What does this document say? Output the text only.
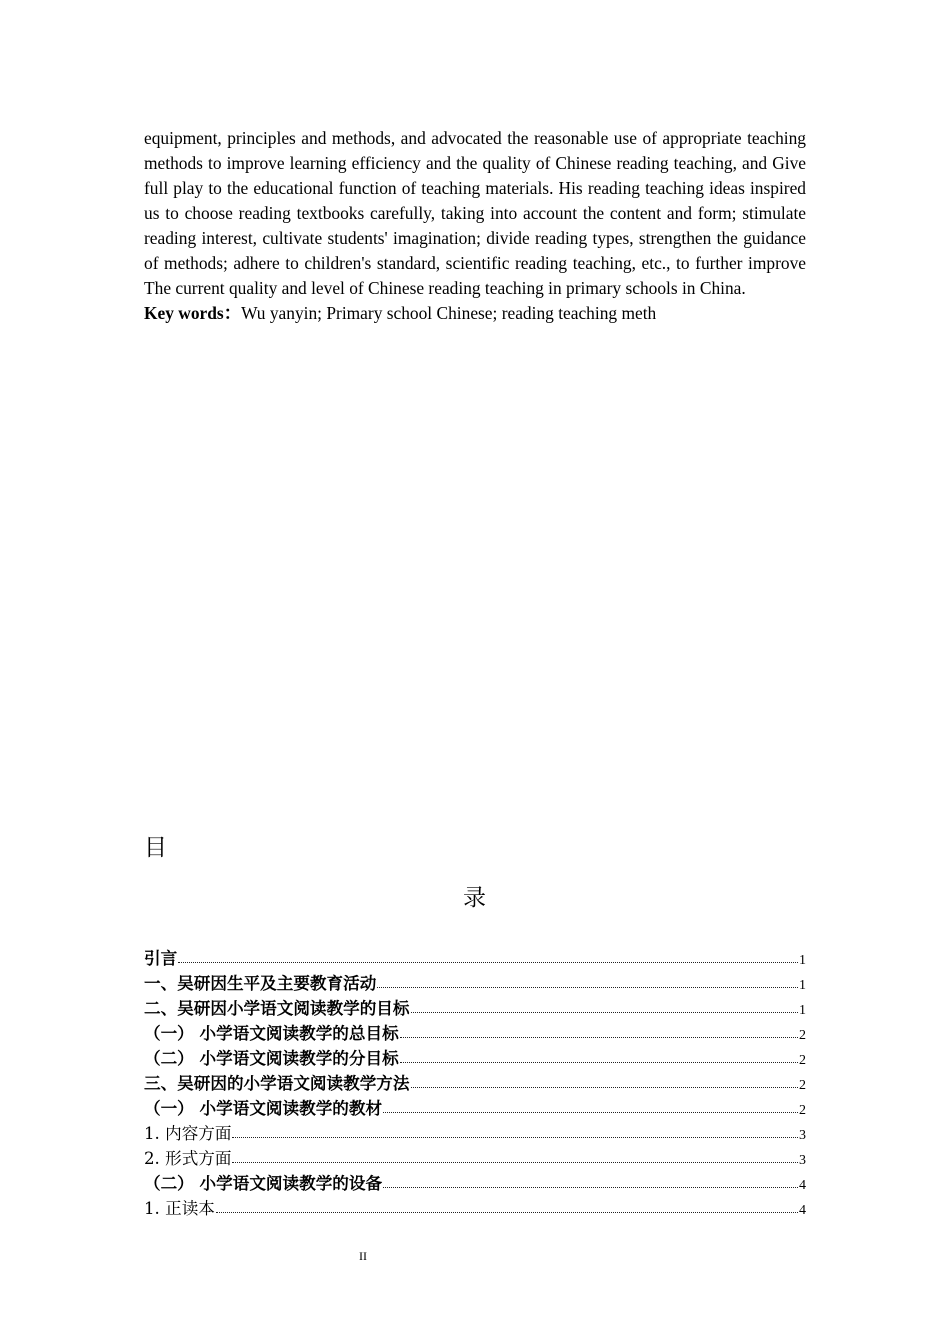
equipment, principles and methods, and advocated the reasonable use of appropriate teaching methods to improve learning efficiency and the quality of Chinese reading teaching, and Give full play to the educational function of teaching materials. His reading teaching ideas inspired us to choose reading textbooks carefully, taking into account the content and form; stimulate reading interest, cultivate students' imagination; divide reading types, strengthen the guidance of methods; adhere to children's standard, scientific reading teaching, etc., to further improve The current quality and level of Chinese reading teaching in primary schools in China.

Key words：Wu yanyin; Primary school Chinese; reading teaching meth

目
录
引言	1
一、吴研因生平及主要教育活动	1
二、吴研因小学语文阅读教学的目标	1
（一） 小学语文阅读教学的总目标	2
（二） 小学语文阅读教学的分目标	2
三、吴研因的小学语文阅读教学方法	2
（一） 小学语文阅读教学的教材	2
1. 内容方面	3
2. 形式方面	3
（二） 小学语文阅读教学的设备	4
1. 正读本	4
II
